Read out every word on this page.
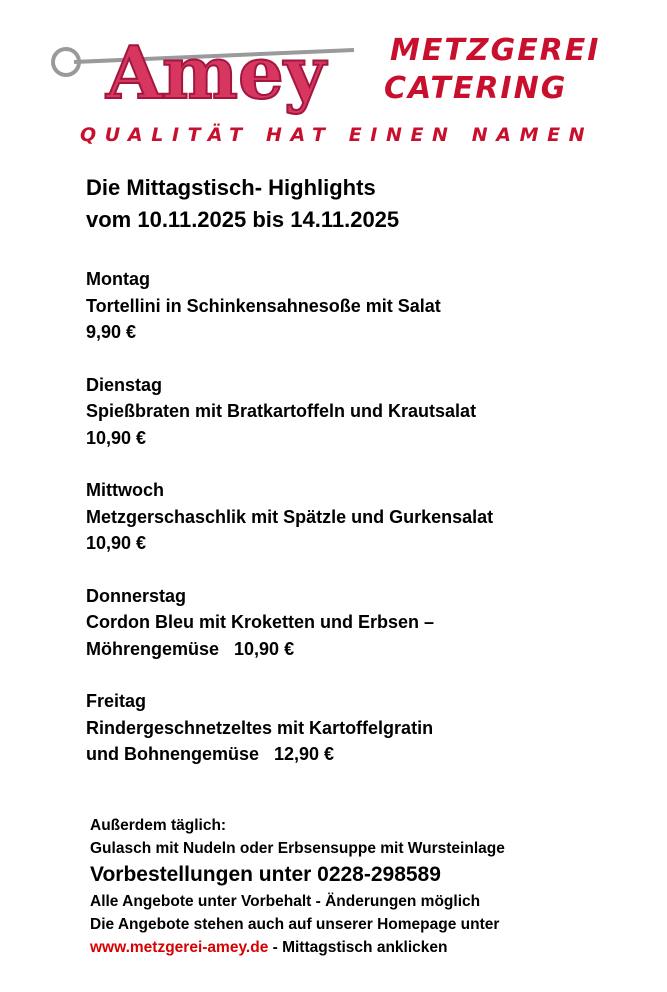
Amey METZGEREI
CATERING
QUALITÄT HAT EINEN NAMEN
Die Mittagstisch- Highlights
vom 10.11.2025 bis 14.11.2025
Montag
Tortellini in Schinkensahnesoße mit Salat
9,90 €
Dienstag
Spießbraten mit Bratkartoffeln und Krautsalat
10,90 €
Mittwoch
Metzgerschaschlik mit Spätzle und Gurkensalat
10,90 €
Donnerstag
Cordon Bleu mit Kroketten und Erbsen –
Möhrengemüse   10,90 €
Freitag
Rindergeschnetzeltes mit Kartoffelgratin
und Bohnengemüse   12,90 €
Außerdem täglich:
Gulasch mit Nudeln oder Erbsensuppe mit Wursteinlage
Vorbestellungen unter 0228-298589
Alle Angebote unter Vorbehalt - Änderungen möglich
Die Angebote stehen auch auf unserer Homepage unter
www.metzgerei-amey.de - Mittagstisch anklicken
